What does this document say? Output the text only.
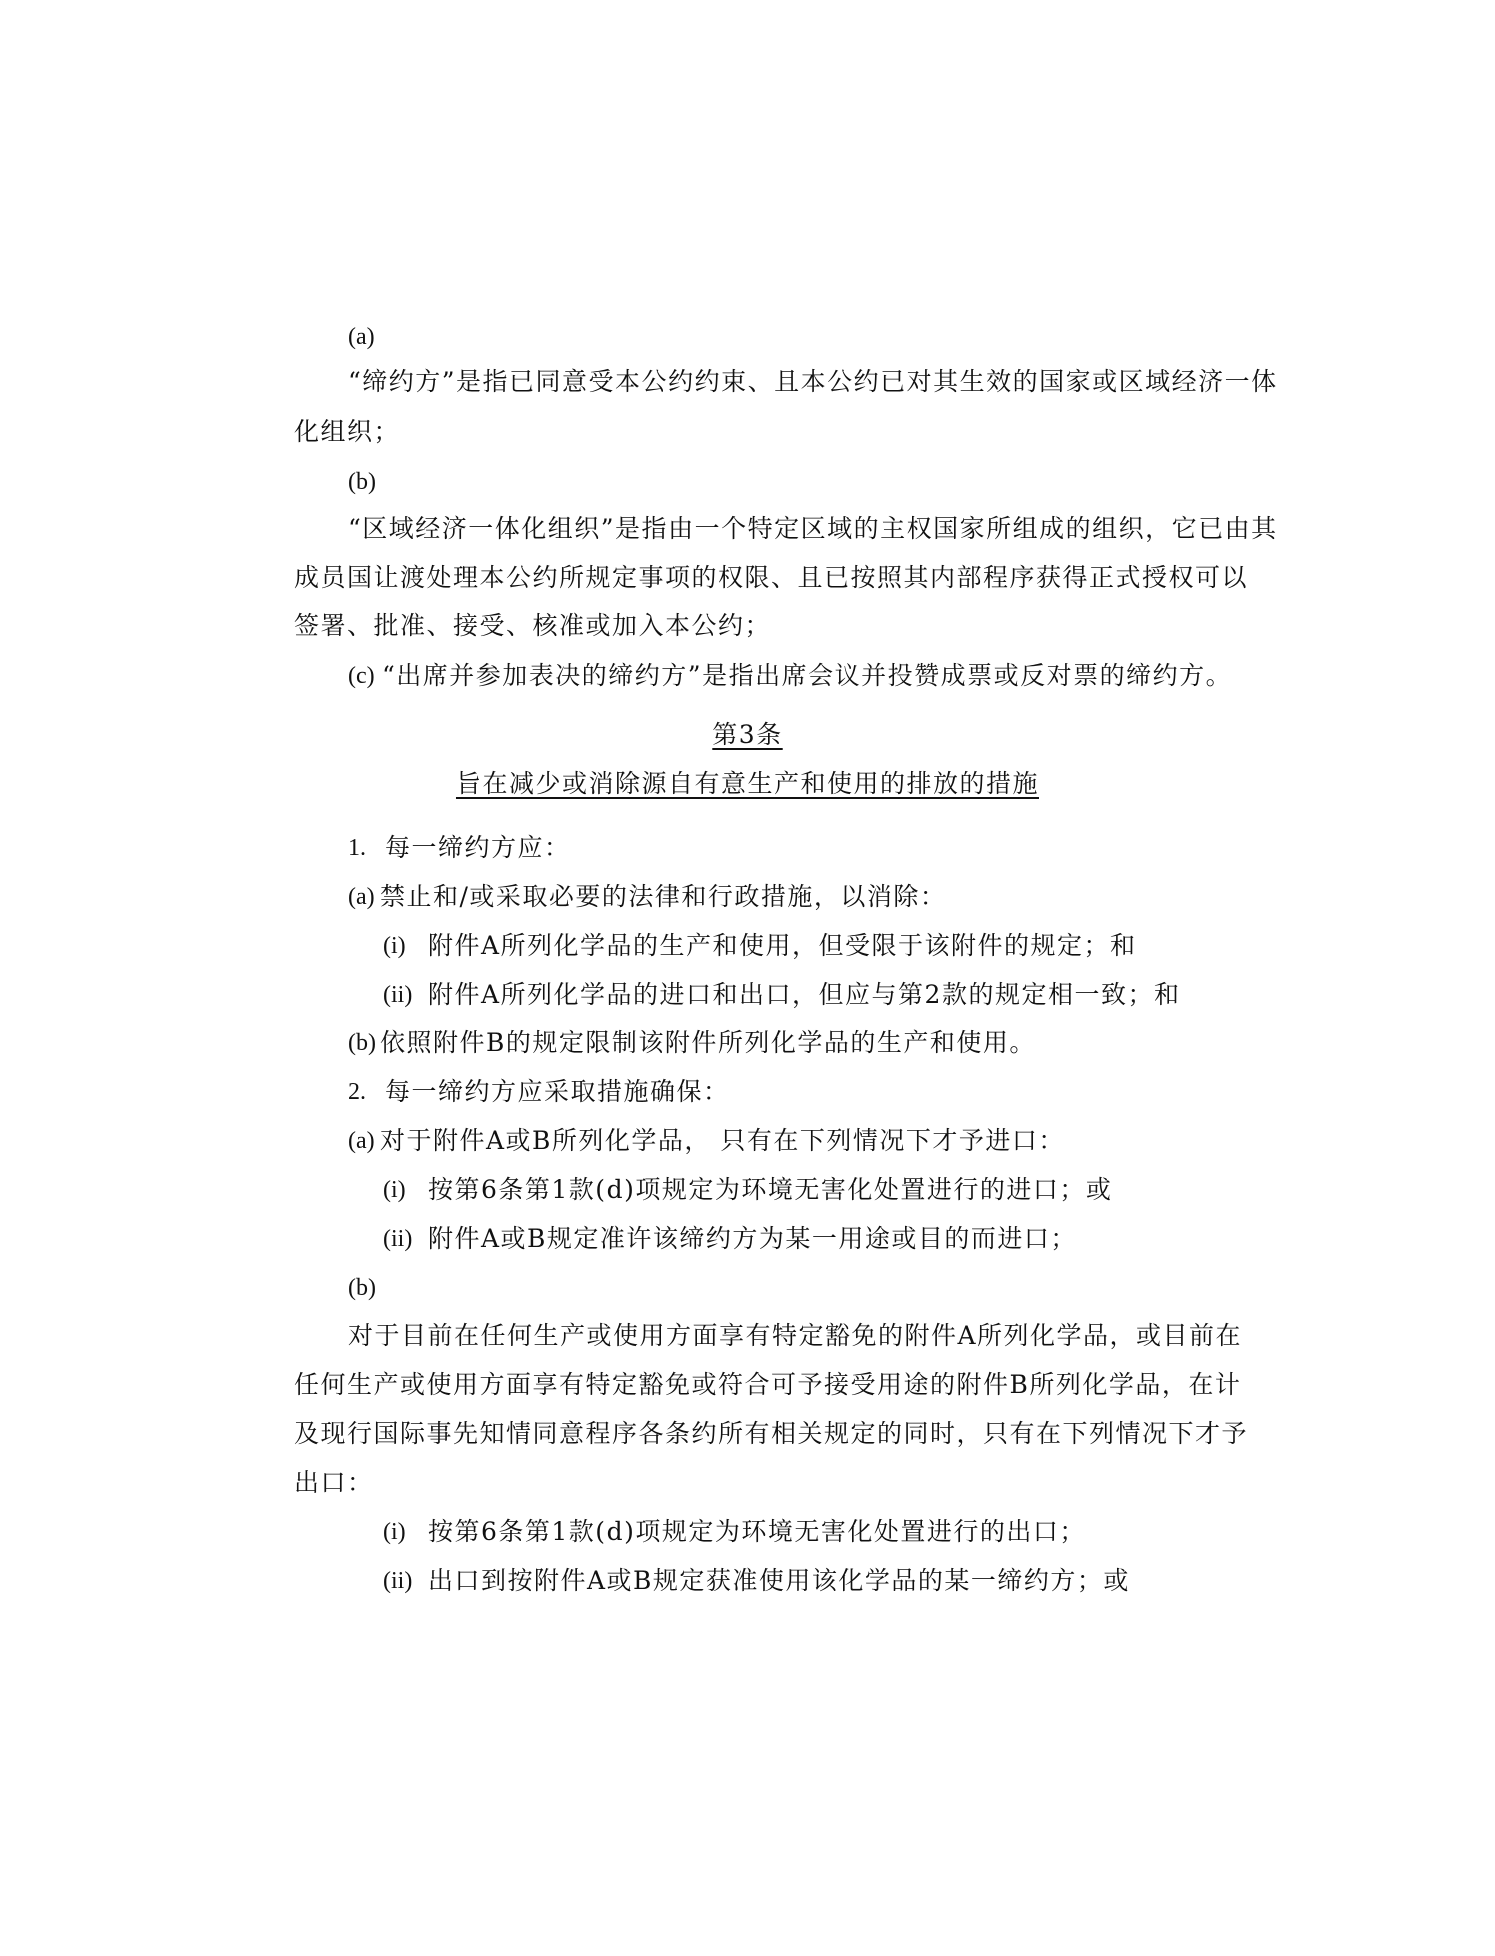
(a)
“缔约方”是指已同意受本公约约束、且本公约已对其生效的国家或区域经济一体
化组织；
(b)
“区域经济一体化组织”是指由一个特定区域的主权国家所组成的组织，它已由其
成员国让渡处理本公约所规定事项的权限、且已按照其内部程序获得正式授权可以
签署、批准、接受、核准或加入本公约；
(c) “出席并参加表决的缔约方”是指出席会议并投赞成票或反对票的缔约方。
第3条
旨在减少或消除源自有意生产和使用的排放的措施
1. 每一缔约方应：
(a) 禁止和/或采取必要的法律和行政措施，以消除：
(i) 附件A所列化学品的生产和使用，但受限于该附件的规定；和
(ii) 附件A所列化学品的进口和出口，但应与第2款的规定相一致；和
(b) 依照附件B的规定限制该附件所列化学品的生产和使用。
2. 每一缔约方应采取措施确保：
(a) 对于附件A或B所列化学品， 只有在下列情况下才予进口：
(i) 按第6条第1款(d)项规定为环境无害化处置进行的进口；或
(ii) 附件A或B规定准许该缔约方为某一用途或目的而进口；
(b)
对于目前在任何生产或使用方面享有特定豁免的附件A所列化学品，或目前在
任何生产或使用方面享有特定豁免或符合可予接受用途的附件B所列化学品，在计
及现行国际事先知情同意程序各条约所有相关规定的同时，只有在下列情况下才予
出口：
(i) 按第6条第1款(d)项规定为环境无害化处置进行的出口；
(ii) 出口到按附件A或B规定获准使用该化学品的某一缔约方；或
